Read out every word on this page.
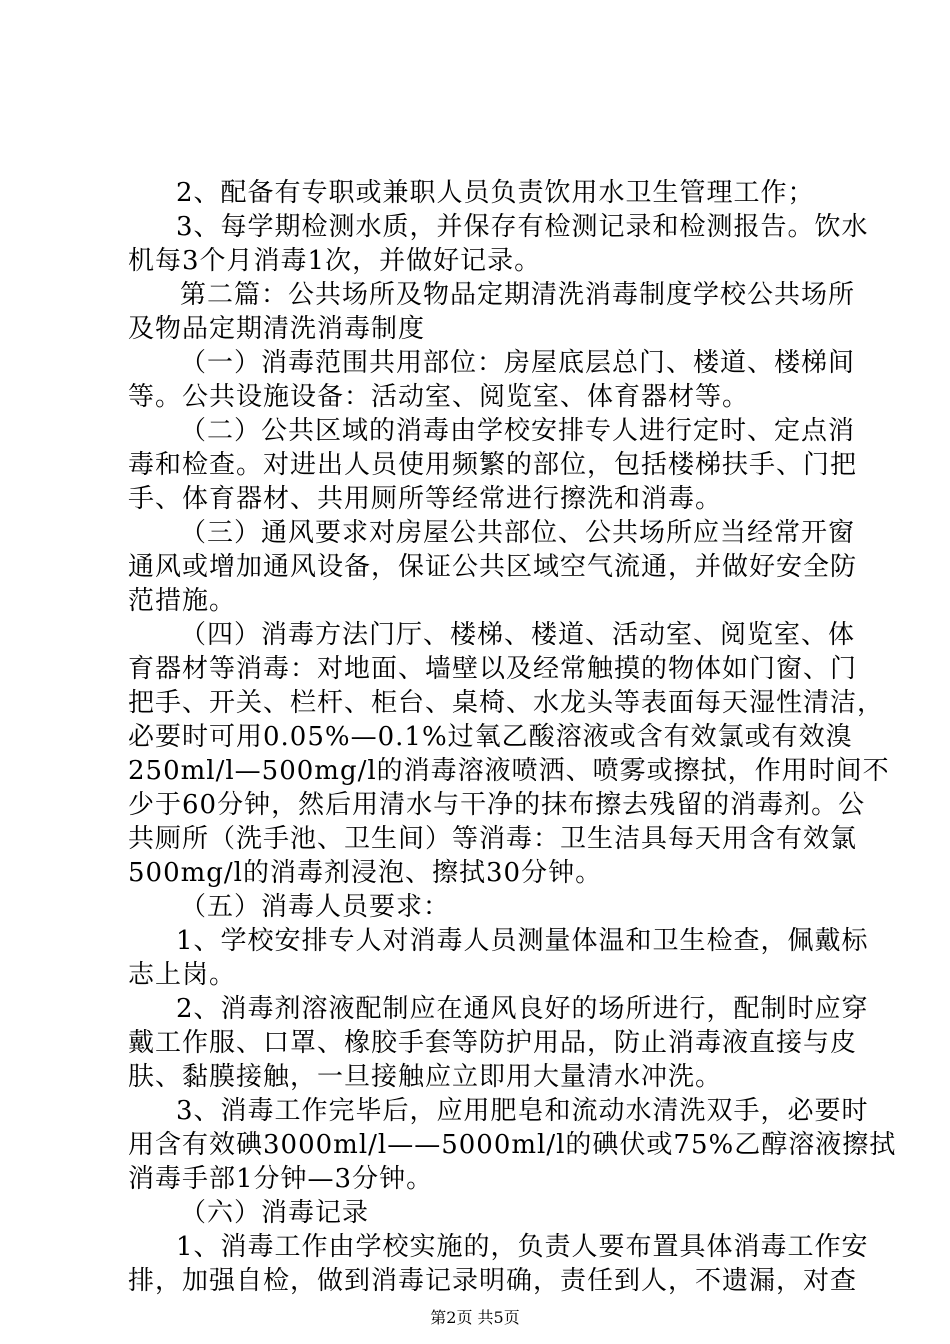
2、配备有专职或兼职人员负责饮用水卫生管理工作；
3、每学期检测水质，并保存有检测记录和检测报告。饮水
机每3个月消毒1次，并做好记录。
第二篇：公共场所及物品定期清洗消毒制度学校公共场所
及物品定期清洗消毒制度
（一）消毒范围共用部位：房屋底层总门、楼道、楼梯间
等。公共设施设备：活动室、阅览室、体育器材等。
（二）公共区域的消毒由学校安排专人进行定时、定点消
毒和检查。对进出人员使用频繁的部位，包括楼梯扶手、门把
手、体育器材、共用厕所等经常进行擦洗和消毒。
（三）通风要求对房屋公共部位、公共场所应当经常开窗
通风或增加通风设备，保证公共区域空气流通，并做好安全防
范措施。
（四）消毒方法门厅、楼梯、楼道、活动室、阅览室、体
育器材等消毒：对地面、墙壁以及经常触摸的物体如门窗、门
把手、开关、栏杆、柜台、桌椅、水龙头等表面每天湿性清洁，
必要时可用0.05%—0.1%过氧乙酸溶液或含有效氯或有效溴
250ml/l—500mg/l的消毒溶液喷洒、喷雾或擦拭，作用时间不
少于60分钟，然后用清水与干净的抹布擦去残留的消毒剂。公
共厕所（洗手池、卫生间）等消毒：卫生洁具每天用含有效氯
500mg/l的消毒剂浸泡、擦拭30分钟。
（五）消毒人员要求：
1、学校安排专人对消毒人员测量体温和卫生检查，佩戴标
志上岗。
2、消毒剂溶液配制应在通风良好的场所进行，配制时应穿
戴工作服、口罩、橡胶手套等防护用品，防止消毒液直接与皮
肤、黏膜接触，一旦接触应立即用大量清水冲洗。
3、消毒工作完毕后，应用肥皂和流动水清洗双手，必要时
用含有效碘3000ml/l——5000ml/l的碘伏或75%乙醇溶液擦拭
消毒手部1分钟—3分钟。
（六）消毒记录
1、消毒工作由学校实施的，负责人要布置具体消毒工作安
排，加强自检，做到消毒记录明确，责任到人，不遗漏，对查
第2页 共5页
